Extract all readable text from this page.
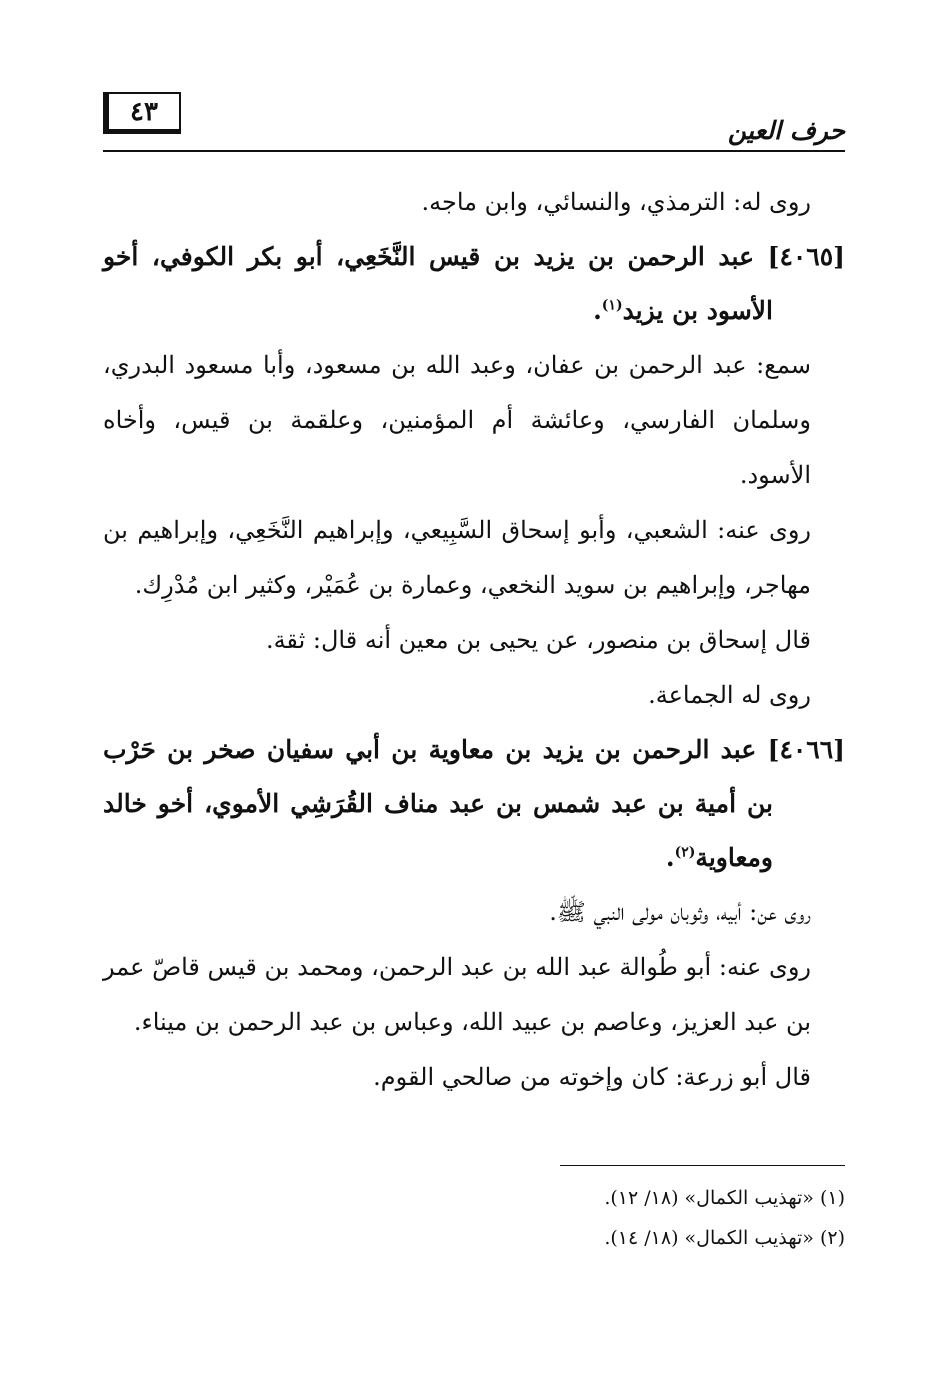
حرف العين
٤٣

روى له: الترمذي، والنسائي، وابن ماجه.

[٤٠٦٥] عبد الرحمن بن يزيد بن قيس النَّخَعِي، أبو بكر الكوفي، أخو الأسود بن يزيد$^{(١)}$.

سمع: عبد الرحمن بن عفان، وعبد الله بن مسعود، وأبا مسعود البدري، وسلمان الفارسي، وعائشة أم المؤمنين، وعلقمة بن قيس، وأخاه الأسود.

روى عنه: الشعبي، وأبو إسحاق السَّبِيعي، وإبراهيم النَّخَعِي، وإبراهيم بن مهاجر، وإبراهيم بن سويد النخعي، وعمارة بن عُمَيْر، وكثير ابن مُدْرِك.

قال إسحاق بن منصور، عن يحيى بن معين أنه قال: ثقة.

روى له الجماعة.

[٤٠٦٦] عبد الرحمن بن يزيد بن معاوية بن أبي سفيان صخر بن حَرْب بن أمية بن عبد شمس بن عبد مناف القُرَشِي الأموي، أخو خالد ومعاوية$^{(٢)}$.

روى عن: أبيه، وثوبان مولى النبي ﷺ.

روى عنه: أبو طُوالة عبد الله بن عبد الرحمن، ومحمد بن قيس قاصّ عمر بن عبد العزيز، وعاصم بن عبيد الله، وعباس بن عبد الرحمن بن ميناء.

قال أبو زرعة: كان وإخوته من صالحي القوم.

(١) «تهذيب الكمال» (١٨/ ١٢).

(٢) «تهذيب الكمال» (١٨/ ١٤).
